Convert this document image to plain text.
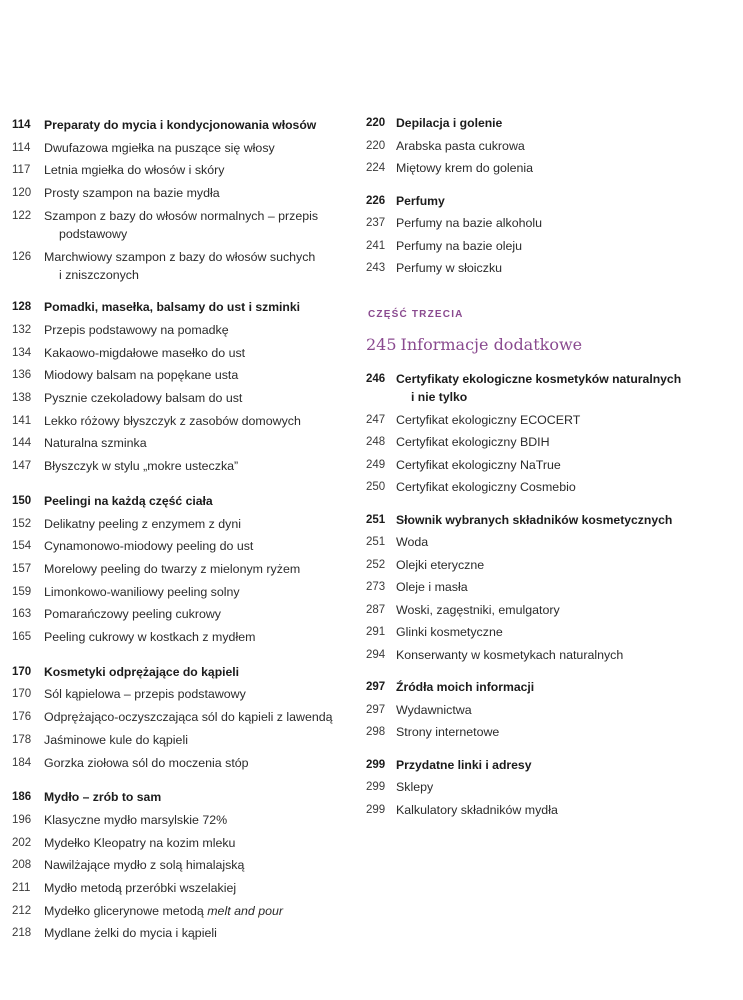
114	Preparaty do mycia i kondycjonowania włosów
114	Dwufazowa mgiełka na puszące się włosy
117	Letnia mgiełka do włosów i skóry
120	Prosty szampon na bazie mydła
122	Szampon z bazy do włosów normalnych – przepis
podstawowy
126	Marchwiowy szampon z bazy do włosów suchych
i zniszczonych
128	Pomadki, masełka, balsamy do ust i szminki
132	Przepis podstawowy na pomadkę
134	Kakaowo-migdałowe masełko do ust
136	Miodowy balsam na popękane usta
138	Pysznie czekoladowy balsam do ust
141	Lekko różowy błyszczyk z zasobów domowych
144	Naturalna szminka
147	Błyszczyk w stylu „mokre usteczka”
150	Peelingi na każdą część ciała
152	Delikatny peeling z enzymem z dyni
154	Cynamonowo-miodowy peeling do ust
157	Morelowy peeling do twarzy z mielonym ryżem
159	Limonkowo-waniliowy peeling solny
163	Pomarańczowy peeling cukrowy
165	Peeling cukrowy w kostkach z mydłem
170	Kosmetyki odprężające do kąpieli
170	Sól kąpielowa – przepis podstawowy
176	Odprężająco-oczyszczająca sól do kąpieli z lawendą
178	Jaśminowe kule do kąpieli
184	Gorzka ziołowa sól do moczenia stóp
186	Mydło – zrób to sam
196	Klasyczne mydło marsylskie 72%
202	Mydełko Kleopatry na kozim mleku
208	Nawilżające mydło z solą himalajską
211	Mydło metodą przeróbki wszelakiej
212	Mydełko glicerynowe metodą melt and pour
218	Mydlane żelki do mycia i kąpieli
CZĘŚĆ TRZECIA
245 Informacje dodatkowe
220 Depilacja i golenie
220 Arabska pasta cukrowa
224 Miętowy krem do golenia
226 Perfumy
237 Perfumy na bazie alkoholu
241 Perfumy na bazie oleju
243 Perfumy w słoiczku
246 Certyfikaty ekologiczne kosmetyków naturalnych
i nie tylko
247 Certyfikat ekologiczny ECOCERT
248 Certyfikat ekologiczny BDIH
249 Certyfikat ekologiczny NaTrue
250 Certyfikat ekologiczny Cosmebio
251 Słownik wybranych składników kosmetycznych
251 Woda
252 Olejki eteryczne
273 Oleje i masła
287 Woski, zagęstniki, emulgatory
291 Glinki kosmetyczne
294 Konserwanty w kosmetykach naturalnych
297 Źródła moich informacji
297 Wydawnictwa
298 Strony internetowe
299 Przydatne linki i adresy
299 Sklepy
299 Kalkulatory składników mydła
